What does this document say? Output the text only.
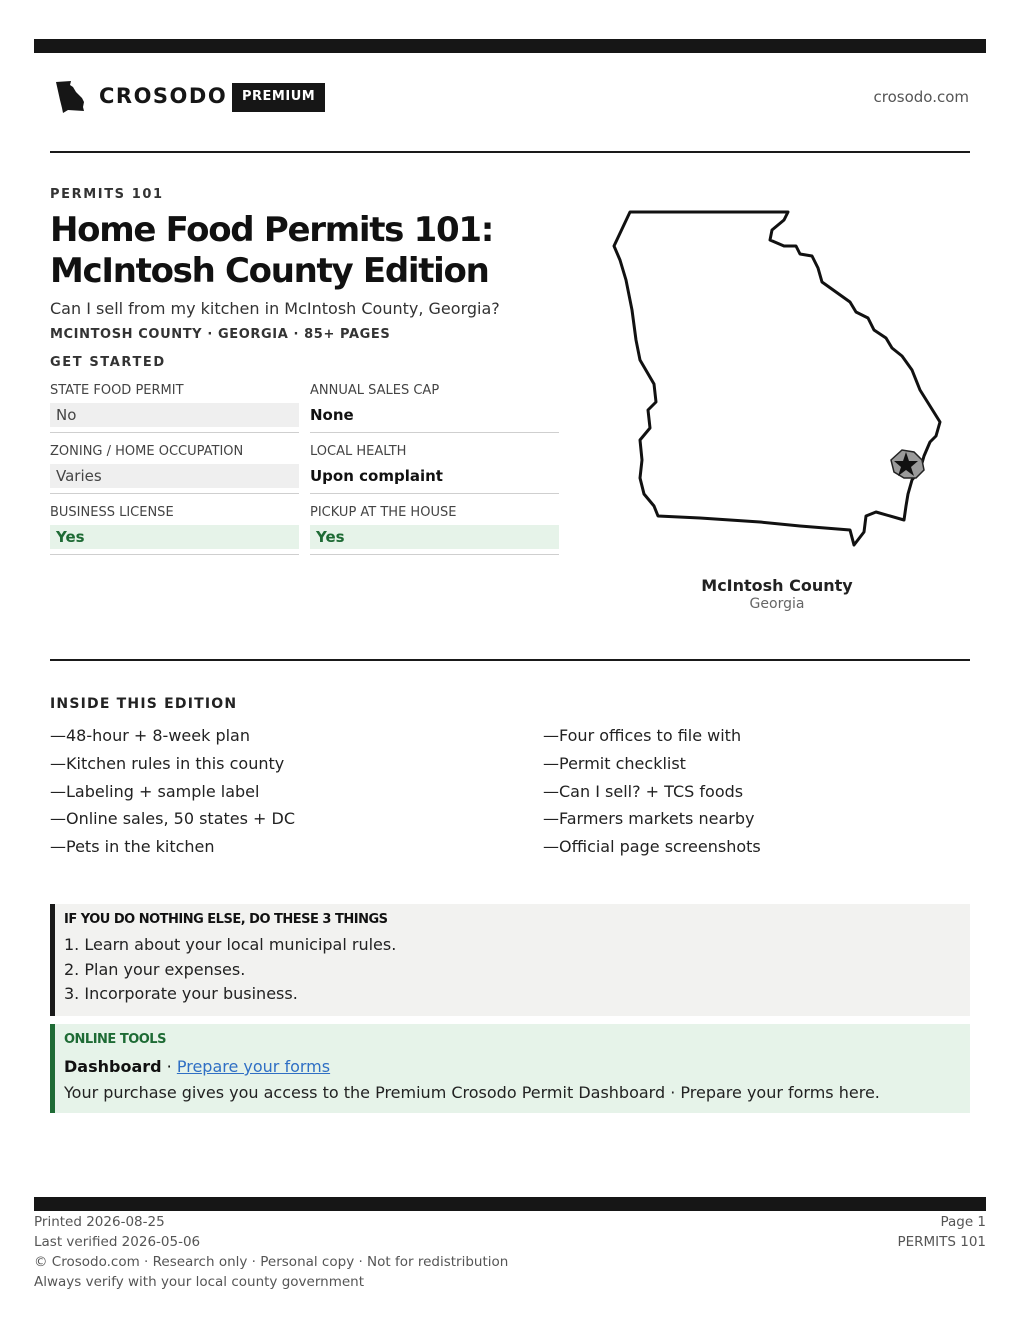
CROSODO	PREMIUM	crosodo.com
PERMITS 101
Home Food Permits 101:
McIntosh County Edition
Can I sell from my kitchen in McIntosh County, Georgia?
MCINTOSH COUNTY · GEORGIA · 85+ PAGES
GET STARTED
STATE FOOD PERMIT
No
ANNUAL SALES CAP
None
ZONING / HOME OCCUPATION
Varies
LOCAL HEALTH
Upon complaint
BUSINESS LICENSE
Yes
PICKUP AT THE HOUSE
Yes
McIntosh County
Georgia
INSIDE THIS EDITION
—48-hour + 8-week plan
—Kitchen rules in this county
—Labeling + sample label
—Online sales, 50 states + DC
—Pets in the kitchen
—Four offices to file with
—Permit checklist
—Can I sell? + TCS foods
—Farmers markets nearby
—Official page screenshots
IF YOU DO NOTHING ELSE, DO THESE 3 THINGS
1. Learn about your local municipal rules.
2. Plan your expenses.
3. Incorporate your business.
ONLINE TOOLS
Dashboard · Prepare your forms
Your purchase gives you access to the Premium Crosodo Permit Dashboard · Prepare your forms here.
Printed 2026-08-25
Last verified 2026-05-06
© Crosodo.com · Research only · Personal copy · Not for redistribution
Always verify with your local county government
Page 1
PERMITS 101
